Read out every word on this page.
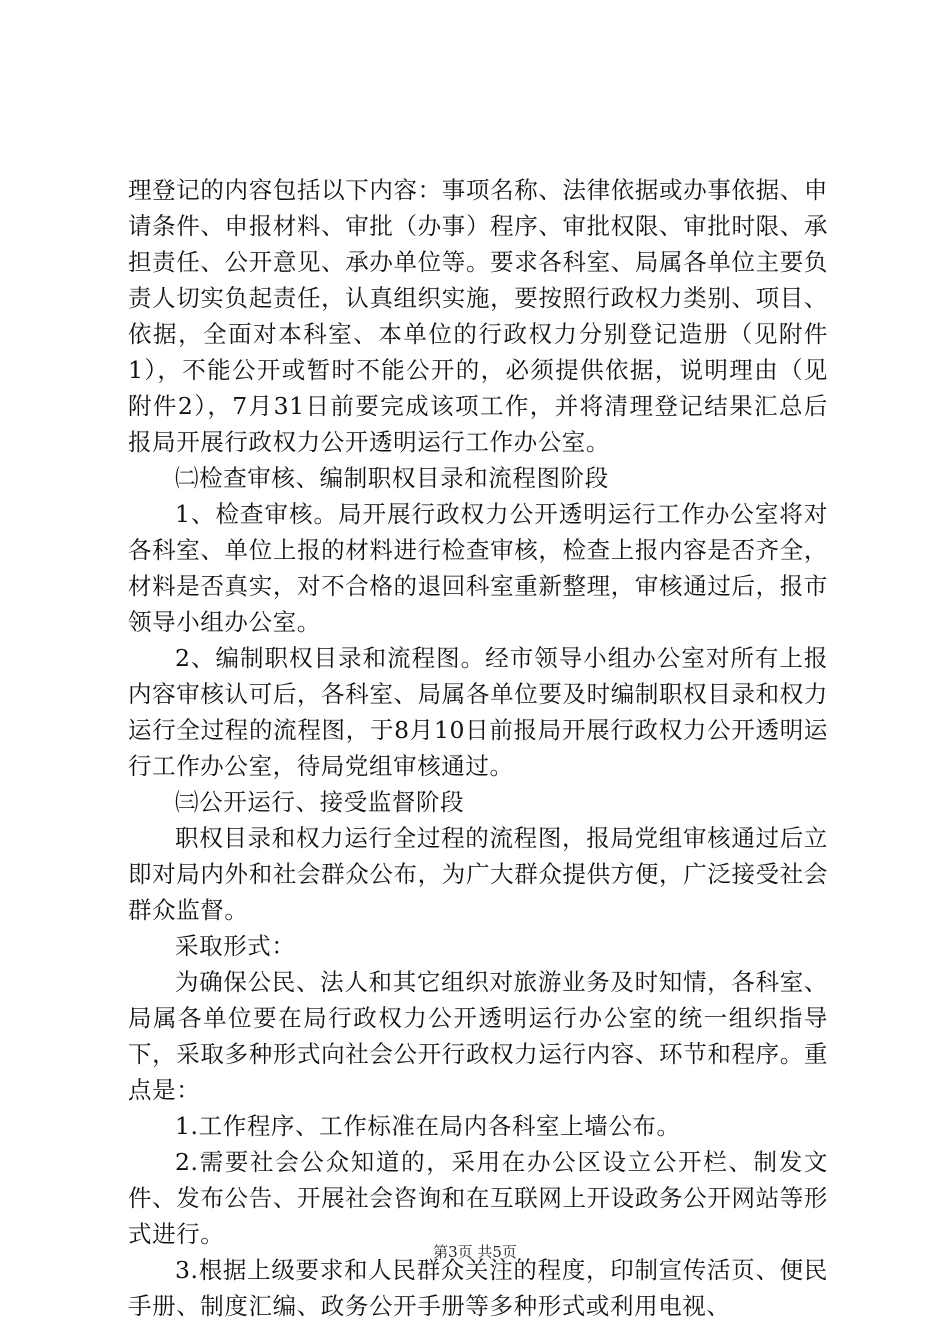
理登记的内容包括以下内容：事项名称、法律依据或办事依据、申请条件、申报材料、审批（办事）程序、审批权限、审批时限、承担责任、公开意见、承办单位等。要求各科室、局属各单位主要负责人切实负起责任，认真组织实施，要按照行政权力类别、项目、依据，全面对本科室、本单位的行政权力分别登记造册（见附件1），不能公开或暂时不能公开的，必须提供依据，说明理由（见附件2），7月31日前要完成该项工作，并将清理登记结果汇总后报局开展行政权力公开透明运行工作办公室。

㈡检查审核、编制职权目录和流程图阶段

1、检查审核。局开展行政权力公开透明运行工作办公室将对各科室、单位上报的材料进行检查审核，检查上报内容是否齐全，材料是否真实，对不合格的退回科室重新整理，审核通过后，报市领导小组办公室。

2、编制职权目录和流程图。经市领导小组办公室对所有上报内容审核认可后，各科室、局属各单位要及时编制职权目录和权力运行全过程的流程图，于8月10日前报局开展行政权力公开透明运行工作办公室，待局党组审核通过。

㈢公开运行、接受监督阶段

职权目录和权力运行全过程的流程图，报局党组审核通过后立即对局内外和社会群众公布，为广大群众提供方便，广泛接受社会群众监督。

采取形式：

为确保公民、法人和其它组织对旅游业务及时知情，各科室、局属各单位要在局行政权力公开透明运行办公室的统一组织指导下，采取多种形式向社会公开行政权力运行内容、环节和程序。重点是：

1.工作程序、工作标准在局内各科室上墙公布。

2.需要社会公众知道的，采用在办公区设立公开栏、制发文件、发布公告、开展社会咨询和在互联网上开设政务公开网站等形式进行。

3.根据上级要求和人民群众关注的程度，印制宣传活页、便民手册、制度汇编、政务公开手册等多种形式或利用电视、

第3页 共5页
